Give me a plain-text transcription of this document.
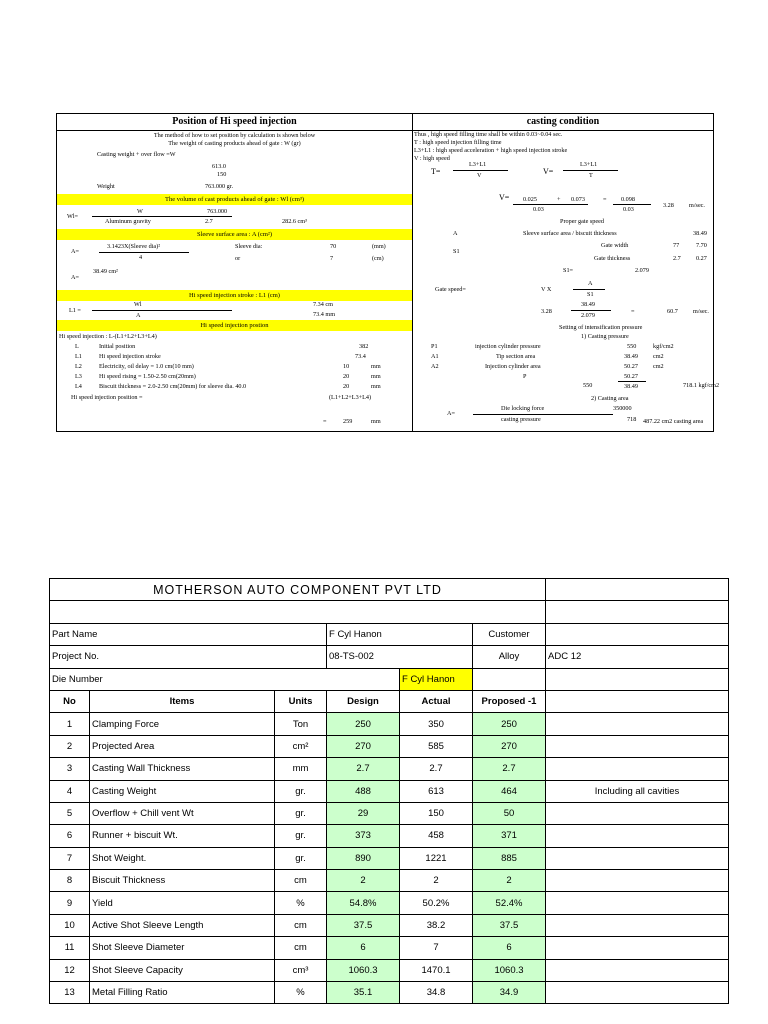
Position of Hi speed injection
The method of how to set position by calculation is shown below
The weight of casting products ahead of gate : W (gr)
Casting weight + over flow =W
613.0
150
Weight	763.000 gr.
The volume of cast products ahead of gate : Wl (cm³)
Wl=
W	763.000
Aluminum gravity	2.7	282.6 cm³
Sleeve surface area : A (cm²)
A=
3.1423X(Sleeve dia)²
4
Sleeve dia:
or
70	(mm)
7	(cm)
A=
38.49 cm²
Hi speed injection stroke : L1 (cm)
L1 =
Wl
A
7.34 cm
73.4 mm
Hi speed injection postion
Hi speed injection : L-(L1+L2+L3+L4)
L	Initial position	382
L1	Hi speed injection stroke	73.4
L2	Electricity, oil delay = 1.0 cm(10 mm)	10	mm
L3	Hi speed rising = 1.50-2.50 cm(20mm)	20	mm
L4	Biscuit thickness = 2.0-2.50 cm(20mm) for sleeve dia. 40.0	20	mm
Hi speed injection position =	(L1+L2+L3+L4)
=	259	mm
casting condition
Thus , high speed filling time shall be within 0.03~0.04 sec.
T : high speed injection filling time
L3+L1 : high speed acceleration + high speed injection stroke
V : high speed
T=
L3+L1
V	V=
L3+L1
T
V= 0.025	+ 0.073	= 0.098
0.03	0.03
3.28 m/sec.
Proper gate speed
A	Sleeve surface area / biscuit thickness	38.49
S1
Gate width	77	7.70
Gate thickness	2.7 0.27
S1=	2.079
Gate speed=	V X
A
S1
3.28
38.49
2.079
=	60.7 m/sec.
Setting of intensification pressure
1) Casting pressure
P1	injection cylinder pressure	550	kgf/cm2
A1	Tip section area	38.49 cm2
A2	Injection cylinder area	50.27 cm2
P	50.27
550	38.49	718.1 kgf/cm2
2) Casting area
A=
Die locking force	350000
casting pressure	718 487.22 cm2 casting area
MOTHERSON AUTO COMPONENT PVT LTD						

Part Name			F Cyl Hanon		Customer	
Project No.			08-TS-002		Alloy	ADC 12
Die Number				F Cyl Hanon		
No	Items	Units	Design	Actual	Proposed -1	
1	Clamping Force	Ton	250	350	250	
2	Projected Area	cm²	270	585	270	
3	Casting Wall Thickness	mm	2.7	2.7	2.7	
4	Casting Weight	gr.	488	613	464	Including all cavities
5	Overflow + Chill vent Wt	gr.	29	150	50	
6	Runner + biscuit Wt.	gr.	373	458	371	
7	Shot Weight.	gr.	890	1221	885	
8	Biscuit Thickness	cm	2	2	2	
9	Yield	%	54.8%	50.2%	52.4%	
10	Active Shot Sleeve Length	cm	37.5	38.2	37.5	
11	Shot Sleeve Diameter	cm	6	7	6	
12	Shot Sleeve Capacity	cm³	1060.3	1470.1	1060.3	
13	Metal Filling Ratio	%	35.1	34.8	34.9	
